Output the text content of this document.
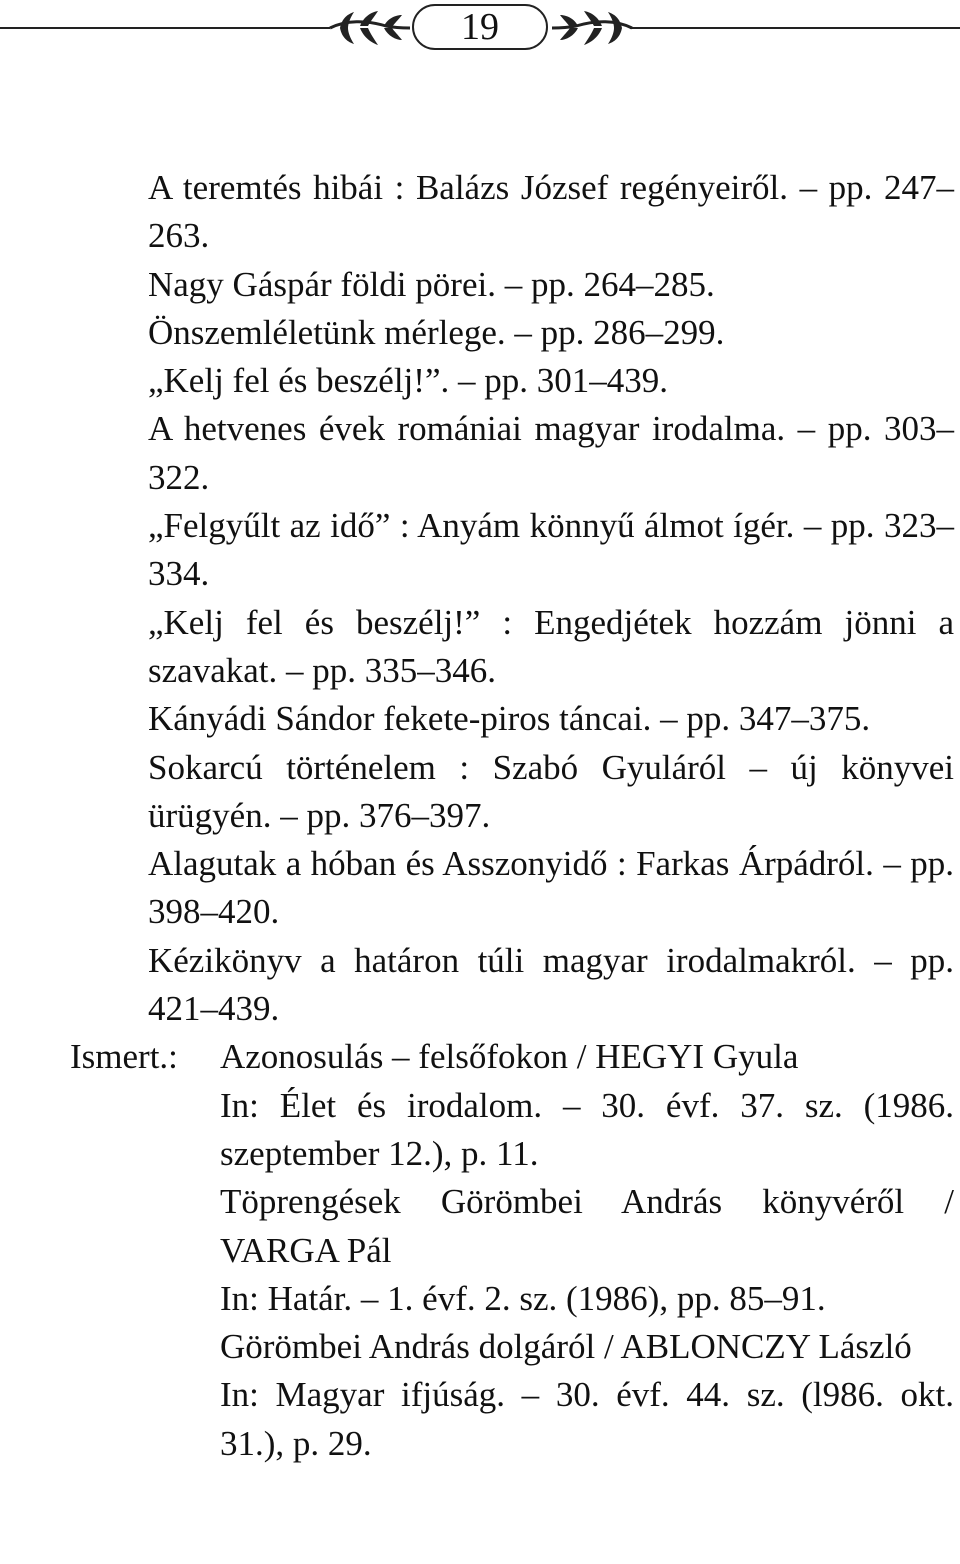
19
A teremtés hibái : Balázs József regényeiről. – pp. 247–263.
Nagy Gáspár földi pörei. – pp. 264–285.
Önszemléletünk mérlege. – pp. 286–299.
„Kelj fel és beszélj!”. – pp. 301–439.
A hetvenes évek romániai magyar irodalma. – pp. 303–322.
„Felgyűlt az idő” : Anyám könnyű álmot ígér. – pp. 323–334.
„Kelj fel és beszélj!” : Engedjétek hozzám jönni a szavakat. – pp. 335–346.
Kányádi Sándor fekete-piros táncai. – pp. 347–375.
Sokarcú történelem : Szabó Gyuláról – új könyvei ürügyén. – pp. 376–397.
Alagutak a hóban és Asszonyidő : Farkas Árpádról. – pp. 398–420.
Kézikönyv a határon túli magyar irodalmakról. – pp. 421–439.
Ismert.:	Azonosulás – felsőfokon / HEGYI Gyula
In: Élet és irodalom. – 30. évf. 37. sz. (1986. szeptember 12.), p. 11.
Töprengések Görömbei András könyvéről / VARGA Pál
In: Határ. – 1. évf. 2. sz. (1986), pp. 85–91.
Görömbei András dolgáról / ABLONCZY László
In: Magyar ifjúság. – 30. évf. 44. sz. (l986. okt. 31.), p. 29.
